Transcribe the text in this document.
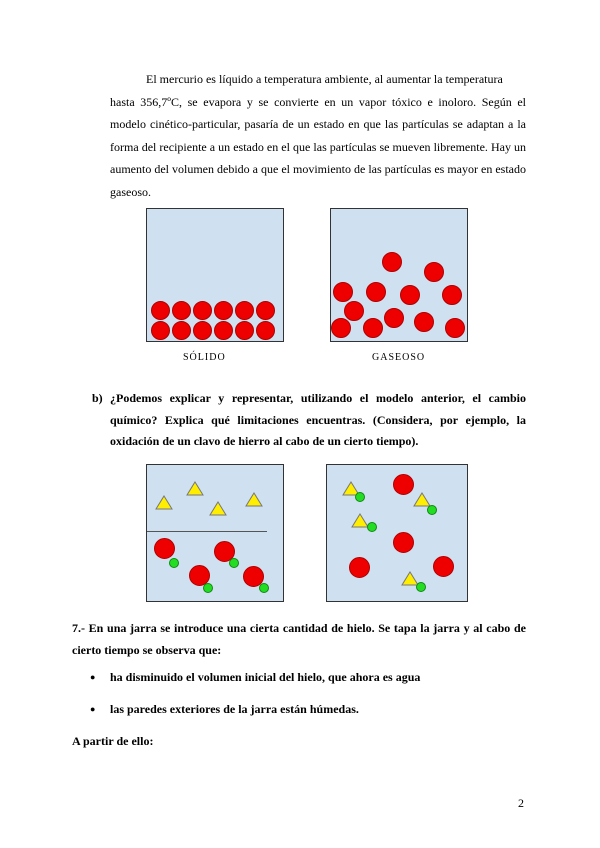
El mercurio es líquido a temperatura ambiente, al aumentar la temperatura
hasta 356,7ºC, se evapora y se convierte en un vapor tóxico e inoloro. Según el modelo cinético-particular, pasaría de un estado en que las partículas se adaptan a la forma del recipiente a un estado en el que las partículas se mueven libremente. Hay un aumento del volumen debido a que el movimiento de las partículas es mayor en estado gaseoso.
SÓLIDO	GASEOSO
b) ¿Podemos explicar y representar, utilizando el modelo anterior, el cambio químico? Explica qué limitaciones encuentras. (Considera, por ejemplo, la oxidación de un clavo de hierro al cabo de un cierto tiempo).
7.- En una jarra se introduce una cierta cantidad de hielo. Se tapa la jarra y al cabo de cierto tiempo se observa que:
● ha disminuido el volumen inicial del hielo, que ahora es agua
● las paredes exteriores de la jarra están húmedas.
A partir de ello:
2
